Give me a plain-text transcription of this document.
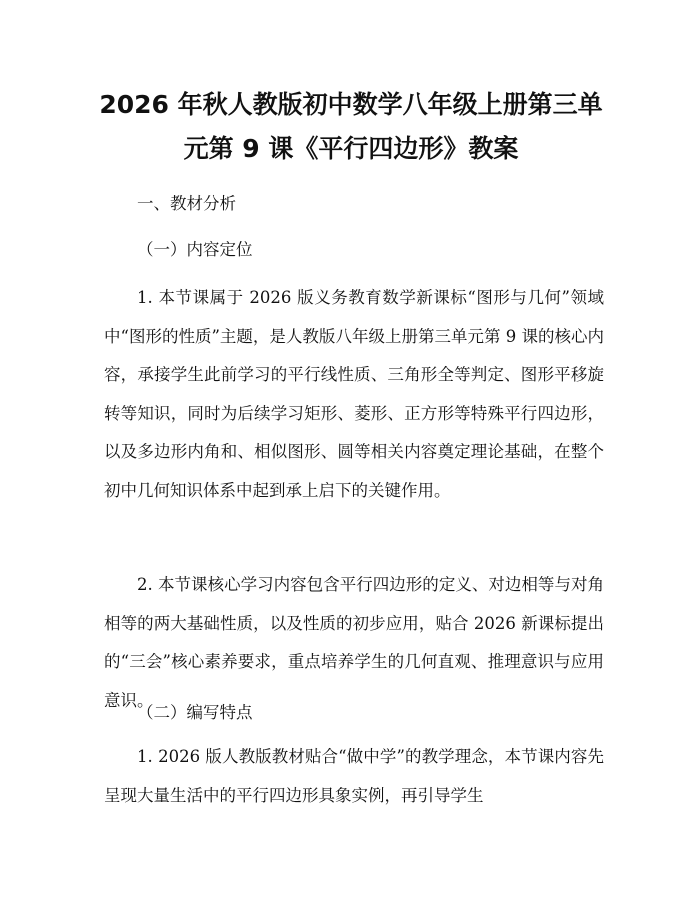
2026 年秋人教版初中数学八年级上册第三单
元第 9 课《平行四边形》教案

一、教材分析

（一）内容定位

1. 本节课属于 2026 版义务教育数学新课标“图形与几何”领域中“图形的性质”主题，是人教版八年级上册第三单元第 9 课的核心内容，承接学生此前学习的平行线性质、三角形全等判定、图形平移旋转等知识，同时为后续学习矩形、菱形、正方形等特殊平行四边形，以及多边形内角和、相似图形、圆等相关内容奠定理论基础，在整个初中几何知识体系中起到承上启下的关键作用。

2. 本节课核心学习内容包含平行四边形的定义、对边相等与对角相等的两大基础性质，以及性质的初步应用，贴合 2026 新课标提出的“三会”核心素养要求，重点培养学生的几何直观、推理意识与应用意识。

（二）编写特点

1. 2026 版人教版教材贴合“做中学”的教学理念，本节课内容先呈现大量生活中的平行四边形具象实例，再引导学生
